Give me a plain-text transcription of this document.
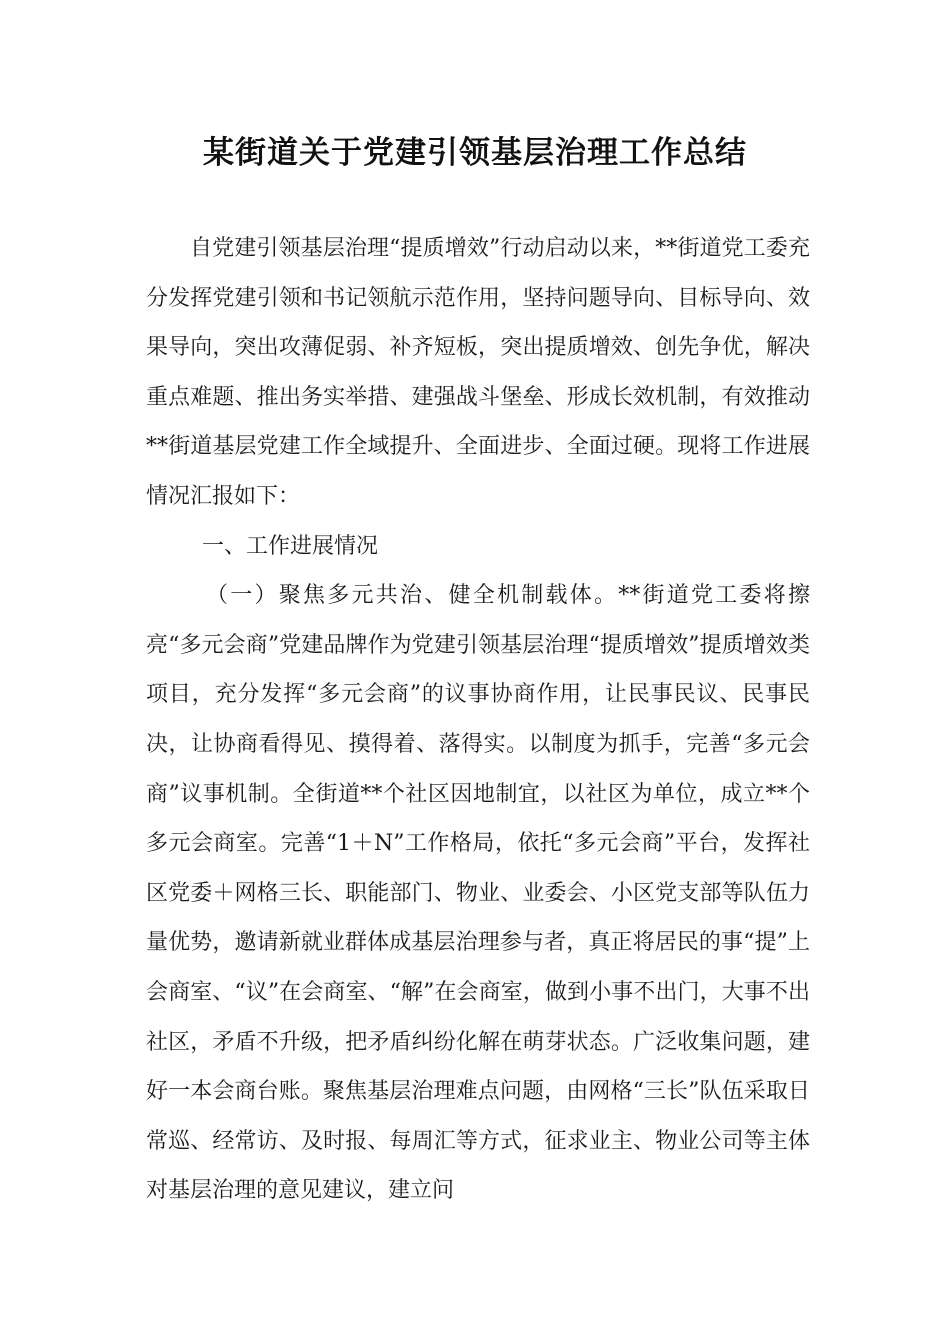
某街道关于党建引领基层治理工作总结

自党建引领基层治理“提质增效”行动启动以来，**街道党工委充分发挥党建引领和书记领航示范作用，坚持问题导向、目标导向、效果导向，突出攻薄促弱、补齐短板，突出提质增效、创先争优，解决重点难题、推出务实举措、建强战斗堡垒、形成长效机制，有效推动**街道基层党建工作全域提升、全面进步、全面过硬。现将工作进展情况汇报如下：

一、工作进展情况

（一）聚焦多元共治、健全机制载体。**街道党工委将擦亮“多元会商”党建品牌作为党建引领基层治理“提质增效”提质增效类项目，充分发挥“多元会商”的议事协商作用，让民事民议、民事民决，让协商看得见、摸得着、落得实。以制度为抓手，完善“多元会商”议事机制。全街道**个社区因地制宜，以社区为单位，成立**个多元会商室。完善“1＋N”工作格局，依托“多元会商”平台，发挥社区党委＋网格三长、职能部门、物业、业委会、小区党支部等队伍力量优势，邀请新就业群体成基层治理参与者，真正将居民的事“提”上会商室、“议”在会商室、“解”在会商室，做到小事不出门，大事不出社区，矛盾不升级，把矛盾纠纷化解在萌芽状态。广泛收集问题，建好一本会商台账。聚焦基层治理难点问题，由网格“三长”队伍采取日常巡、经常访、及时报、每周汇等方式，征求业主、物业公司等主体对基层治理的意见建议，建立问
